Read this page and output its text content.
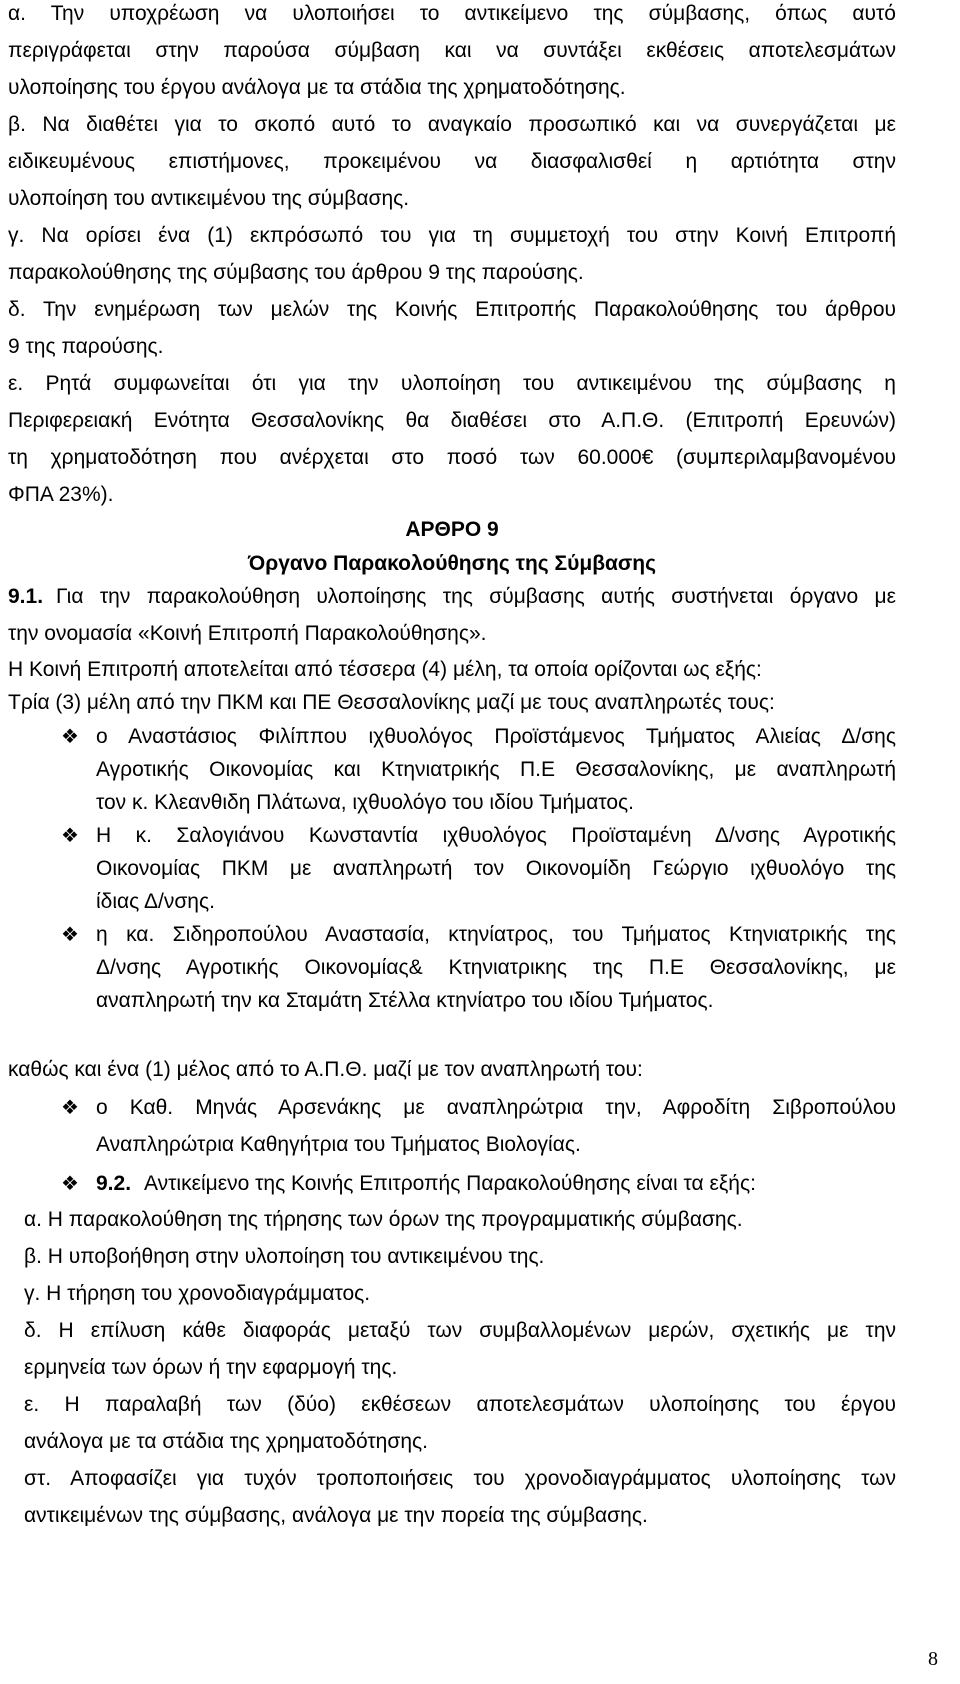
α. Την υποχρέωση να υλοποιήσει το αντικείμενο της σύμβασης, όπως αυτό
περιγράφεται στην παρούσα σύμβαση και να συντάξει εκθέσεις αποτελεσμάτων
υλοποίησης του έργου ανάλογα με τα στάδια της χρηματοδότησης.
β. Να διαθέτει για το σκοπό αυτό το αναγκαίο προσωπικό και να συνεργάζεται με
ειδικευμένους επιστήμονες, προκειμένου να διασφαλισθεί η αρτιότητα στην
υλοποίηση του αντικειμένου της σύμβασης.
γ. Να ορίσει ένα (1) εκπρόσωπό του για τη συμμετοχή του στην Κοινή Επιτροπή
παρακολούθησης της σύμβασης του άρθρου 9 της παρούσης.
δ. Την ενημέρωση των μελών της Κοινής Επιτροπής Παρακολούθησης του άρθρου
9 της παρούσης.
ε. Ρητά συμφωνείται ότι για την υλοποίηση του αντικειμένου της σύμβασης η
Περιφερειακή Ενότητα Θεσσαλονίκης θα διαθέσει στο Α.Π.Θ. (Επιτροπή Ερευνών)
τη χρηματοδότηση που ανέρχεται στο ποσό των 60.000€ (συμπεριλαμβανομένου
ΦΠΑ 23%).
ΑΡΘΡΟ 9
Όργανο Παρακολούθησης της Σύμβασης
9.1. Για την παρακολούθηση υλοποίησης της σύμβασης αυτής συστήνεται όργανο με
την ονομασία «Κοινή Επιτροπή Παρακολούθησης».
Η Κοινή Επιτροπή αποτελείται από τέσσερα (4) μέλη, τα οποία ορίζονται ως εξής:
Τρία (3) μέλη από την ΠΚΜ και ΠΕ Θεσσαλονίκης μαζί με τους αναπληρωτές τους:
❖ ο Αναστάσιος Φιλίππου ιχθυολόγος Προϊστάμενος Τμήματος Αλιείας Δ/σης
Αγροτικής Οικονομίας και Κτηνιατρικής Π.Ε Θεσσαλονίκης, με αναπληρωτή
τον κ. Κλεανθιδη Πλάτωνα, ιχθυολόγο του ιδίου Τμήματος.
❖ Η κ. Σαλογιάνου Κωνσταντία ιχθυολόγος Προϊσταμένη Δ/νσης Αγροτικής
Οικονομίας ΠΚΜ με αναπληρωτή τον Οικονομίδη Γεώργιο ιχθυολόγο της
ίδιας Δ/νσης.
❖ η κα. Σιδηροπούλου Αναστασία, κτηνίατρος, του Τμήματος Κτηνιατρικής της
Δ/νσης Αγροτικής Οικονομίας& Κτηνιατρικης της Π.Ε Θεσσαλονίκης, με
αναπληρωτή την κα Σταμάτη Στέλλα κτηνίατρο του ιδίου Τμήματος.
καθώς και ένα (1) μέλος από το Α.Π.Θ. μαζί με τον αναπληρωτή του:
❖ ο Καθ. Μηνάς Αρσενάκης με αναπληρώτρια την, Αφροδίτη Σιβροπούλου
Αναπληρώτρια Καθηγήτρια του Τμήματος Βιολογίας.
❖ 9.2. Αντικείμενο της Κοινής Επιτροπής Παρακολούθησης είναι τα εξής:
α. Η παρακολούθηση της τήρησης των όρων της προγραμματικής σύμβασης.
β. Η υποβοήθηση στην υλοποίηση του αντικειμένου της.
γ. Η τήρηση του χρονοδιαγράμματος.
δ. Η επίλυση κάθε διαφοράς μεταξύ των συμβαλλομένων μερών, σχετικής με την
ερμηνεία των όρων ή την εφαρμογή της.
ε. Η παραλαβή των (δύο) εκθέσεων αποτελεσμάτων υλοποίησης του έργου
ανάλογα με τα στάδια της χρηματοδότησης.
στ. Αποφασίζει για τυχόν τροποποιήσεις του χρονοδιαγράμματος υλοποίησης των
αντικειμένων της σύμβασης, ανάλογα με την πορεία της σύμβασης.
8
